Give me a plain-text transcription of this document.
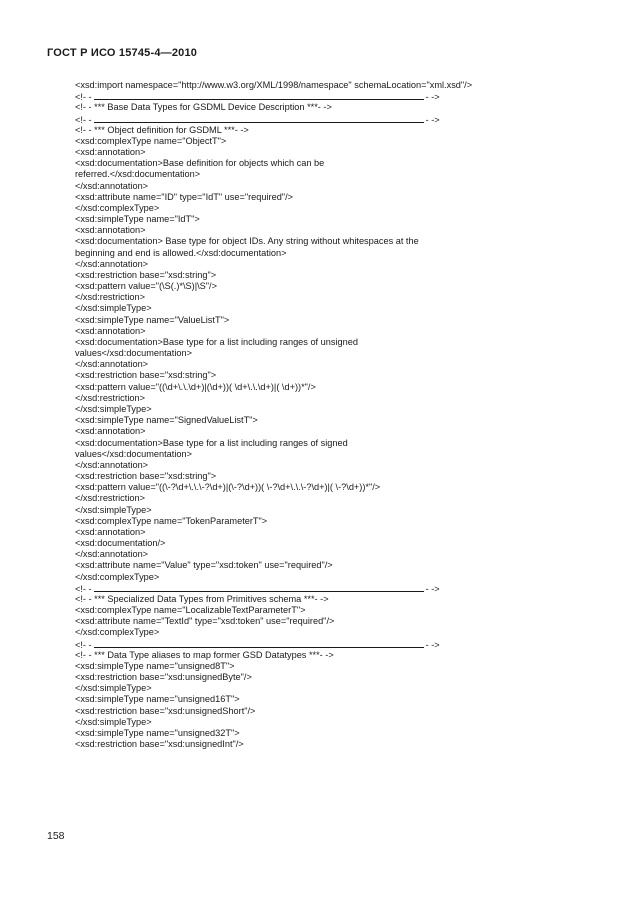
ГОСТ Р ИСО 15745-4—2010
<xsd:import namespace="http://www.w3.org/XML/1998/namespace" schemaLocation="xml.xsd"/>
<!- -	- ->
<!- - *** Base Data Types for GSDML Device Description ***- ->
<!- -	- ->
<!- - *** Object definition for GSDML ***- ->
<xsd:complexType name="ObjectT">
<xsd:annotation>
<xsd:documentation>Base definition for objects which can be
referred.</xsd:documentation>
</xsd:annotation>
<xsd:attribute name="ID" type="IdT" use="required"/>
</xsd:complexType>
<xsd:simpleType name="IdT">
<xsd:annotation>
<xsd:documentation> Base type for object IDs. Any string without whitespaces at the
beginning and end is allowed.</xsd:documentation>
</xsd:annotation>
<xsd:restriction base="xsd:string">
<xsd:pattern value="(\S(.)*\S)|\S"/>
</xsd:restriction>
</xsd:simpleType>
<xsd:simpleType name="ValueListT">
<xsd:annotation>
<xsd:documentation>Base type for a list including ranges of unsigned
values</xsd:documentation>
</xsd:annotation>
<xsd:restriction base="xsd:string">
<xsd:pattern value="((\d+\.\.\d+)|(\d+))( \d+\.\.\d+)|( \d+))*"/>
</xsd:restriction>
</xsd:simpleType>
<xsd:simpleType name="SignedValueListT">
<xsd:annotation>
<xsd:documentation>Base type for a list including ranges of signed
values</xsd:documentation>
</xsd:annotation>
<xsd:restriction base="xsd:string">
<xsd:pattern value="((\-?\d+\.\.\-?\d+)|(\-?\d+))( \-?\d+\.\.\-?\d+)|( \-?\d+))*"/>
</xsd:restriction>
</xsd:simpleType>
<xsd:complexType name="TokenParameterT">
<xsd:annotation>
<xsd:documentation/>
</xsd:annotation>
<xsd:attribute name="Value" type="xsd:token" use="required"/>
</xsd:complexType>
<!- -	- ->
<!- - *** Specialized Data Types from Primitives schema ***- ->
<xsd:complexType name="LocalizableTextParameterT">
<xsd:attribute name="TextId" type="xsd:token" use="required"/>
</xsd:complexType>
<!- -	- ->
<!- - *** Data Type aliases to map former GSD Datatypes ***- ->
<xsd:simpleType name="unsigned8T">
<xsd:restriction base="xsd:unsignedByte"/>
</xsd:simpleType>
<xsd:simpleType name="unsigned16T">
<xsd:restriction base="xsd:unsignedShort"/>
</xsd:simpleType>
<xsd:simpleType name="unsigned32T">
<xsd:restriction base="xsd:unsignedInt"/>
158
